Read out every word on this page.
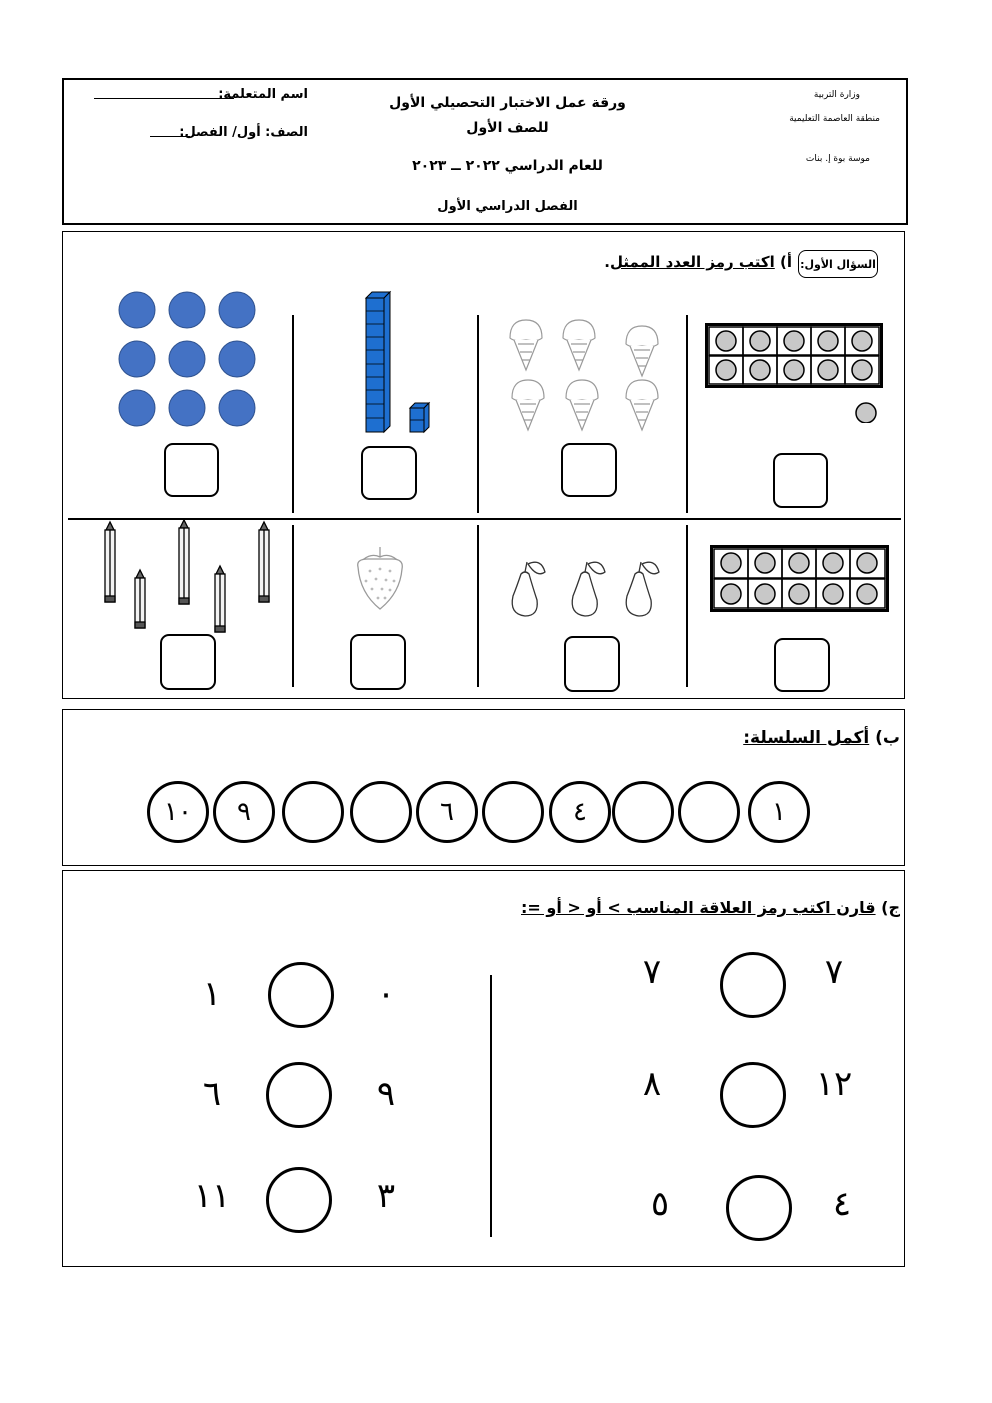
اسم المتعلمة:
الصف: أول/ الفصل:
ورقة عمل الاختبار التحصيلي الأول
للصف الأول
للعام الدراسي ٢٠٢٢ ــ ٢٠٢٣
الفصل الدراسي الأول
وزارة التربية
منطقة العاصمة التعليمية
موسة بوة إ. بنات
السؤال الأول:
أ) اكتب رمز العدد الممثل.
ب) أكمل السلسلة:
١
٤
٦
٩
١٠
ج) قارن اكتب رمز العلاقة المناسب > أو < أو =:
٧
٧
١٢
٨
٤
٥
٠
١
٩
٦
٣
١١
